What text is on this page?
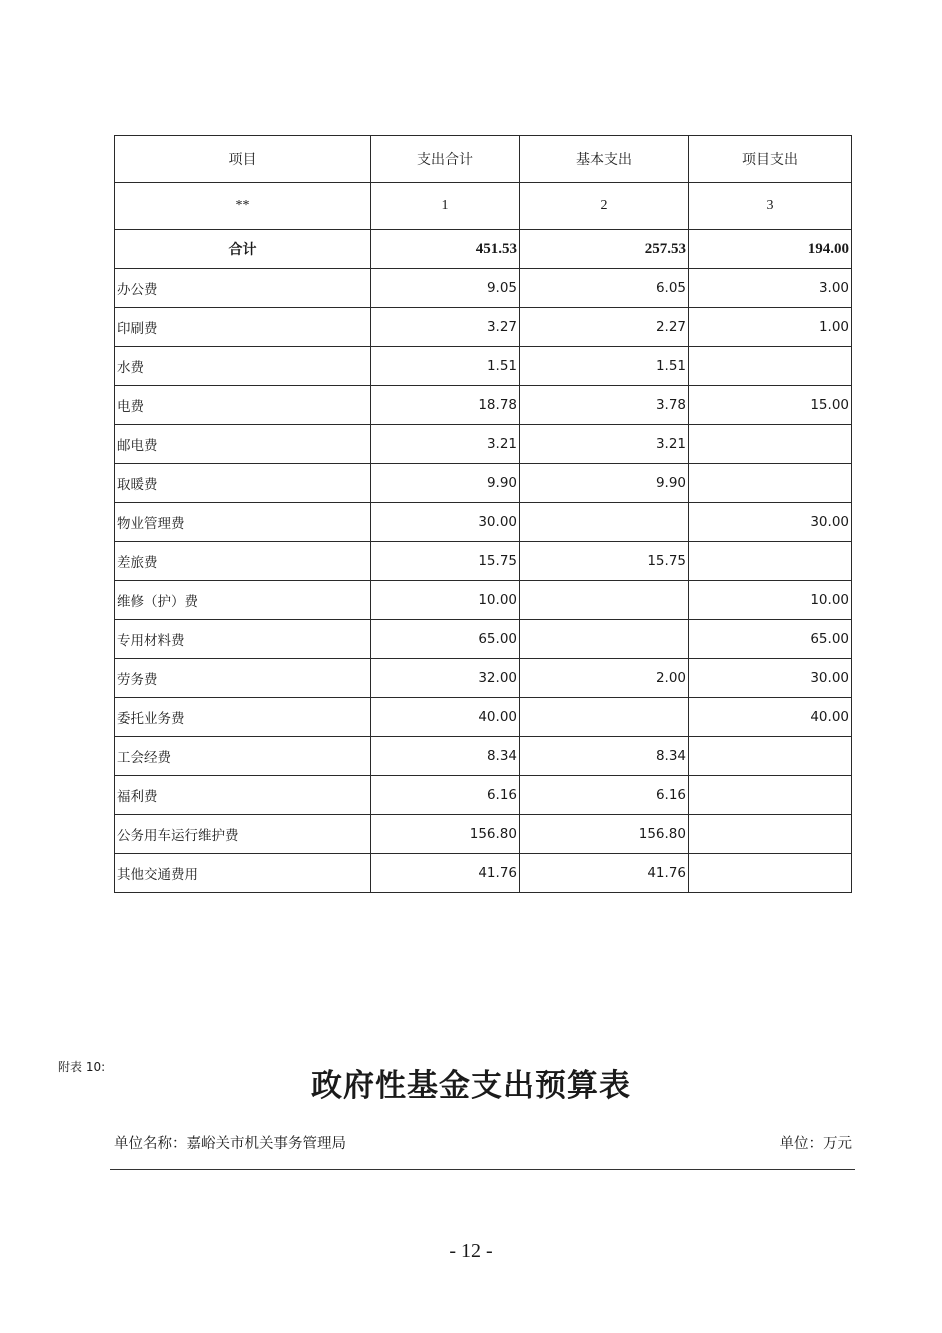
项目	支出合计	基本支出	项目支出
**	1	2	3
合计	451.53	257.53	194.00
办公费	9.05	6.05	3.00
印刷费	3.27	2.27	1.00
水费	1.51	1.51	
电费	18.78	3.78	15.00
邮电费	3.21	3.21	
取暖费	9.90	9.90	
物业管理费	30.00		30.00
差旅费	15.75	15.75	
维修（护）费	10.00		10.00
专用材料费	65.00		65.00
劳务费	32.00	2.00	30.00
委托业务费	40.00		40.00
工会经费	8.34	8.34	
福利费	6.16	6.16	
公务用车运行维护费	156.80	156.80	
其他交通费用	41.76	41.76	
附表 10:
政府性基金支出预算表
单位名称：嘉峪关市机关事务管理局	单位：万元
- 12 -
